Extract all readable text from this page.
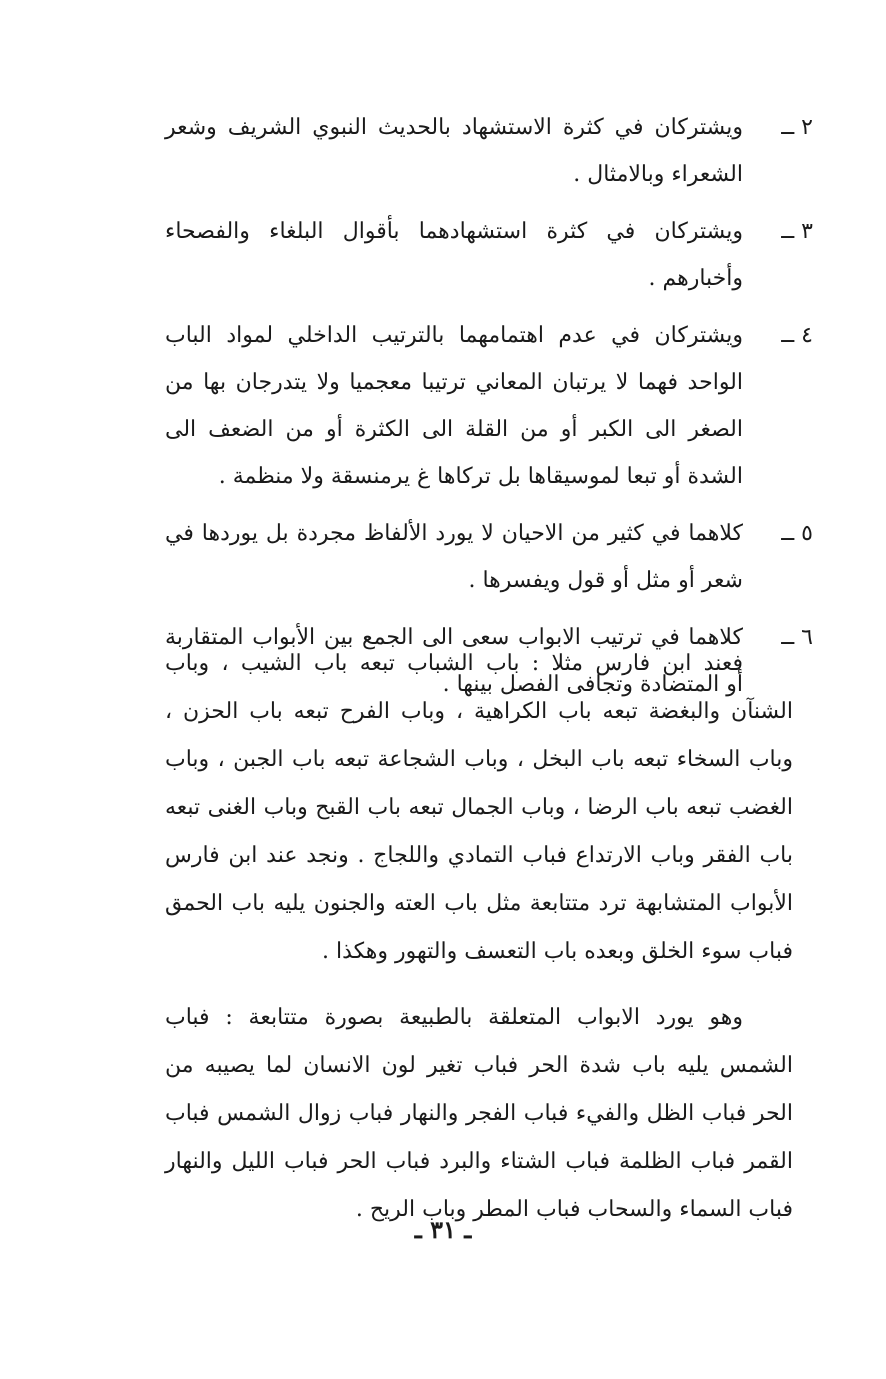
٢ ــ
ويشتركان في كثرة الاستشهاد بالحديث النبوي الشريف وشعر الشعراء وبالامثال .
٣ ــ
ويشتركان في كثرة استشهادهما بأقوال البلغاء والفصحاء وأخبارهم .
٤ ــ
ويشتركان في عدم اهتمامهما بالترتيب الداخلي لمواد الباب الواحد فهما لا يرتبان المعاني ترتيبا معجميا ولا يتدرجان بها من الصغر الى الكبر أو من القلة الى الكثرة أو من الضعف الى الشدة أو تبعا لموسيقاها بل تركاها غ يرمنسقة ولا منظمة .
٥ ــ
كلاهما في كثير من الاحيان لا يورد الألفاظ مجردة بل يوردها في شعر أو مثل أو قول ويفسرها .
٦ ــ
كلاهما في ترتيب الابواب سعى الى الجمع بين الأبواب المتقاربة أو المتضادة وتجافى الفصل بينها .

فعند ابن فارس مثلا : باب الشباب تبعه باب الشيب ، وباب الشنآن والبغضة تبعه باب الكراهية ، وباب الفرح تبعه باب الحزن ، وباب السخاء تبعه باب البخل ، وباب الشجاعة تبعه باب الجبن ، وباب الغضب تبعه باب الرضا ، وباب الجمال تبعه باب القبح وباب الغنى تبعه باب الفقر وباب الارتداع فباب التمادي واللجاج . ونجد عند ابن فارس الأبواب المتشابهة ترد متتابعة مثل باب العته والجنون يليه باب الحمق فباب سوء الخلق وبعده باب التعسف والتهور وهكذا .

وهو يورد الابواب المتعلقة بالطبيعة بصورة متتابعة : فباب الشمس يليه باب شدة الحر فباب تغير لون الانسان لما يصيبه من الحر فباب الظل والفيء فباب الفجر والنهار فباب زوال الشمس فباب القمر فباب الظلمة فباب الشتاء والبرد فباب الحر فباب الليل والنهار فباب السماء والسحاب فباب المطر وباب الريح .

ـ ٣١ ـ
